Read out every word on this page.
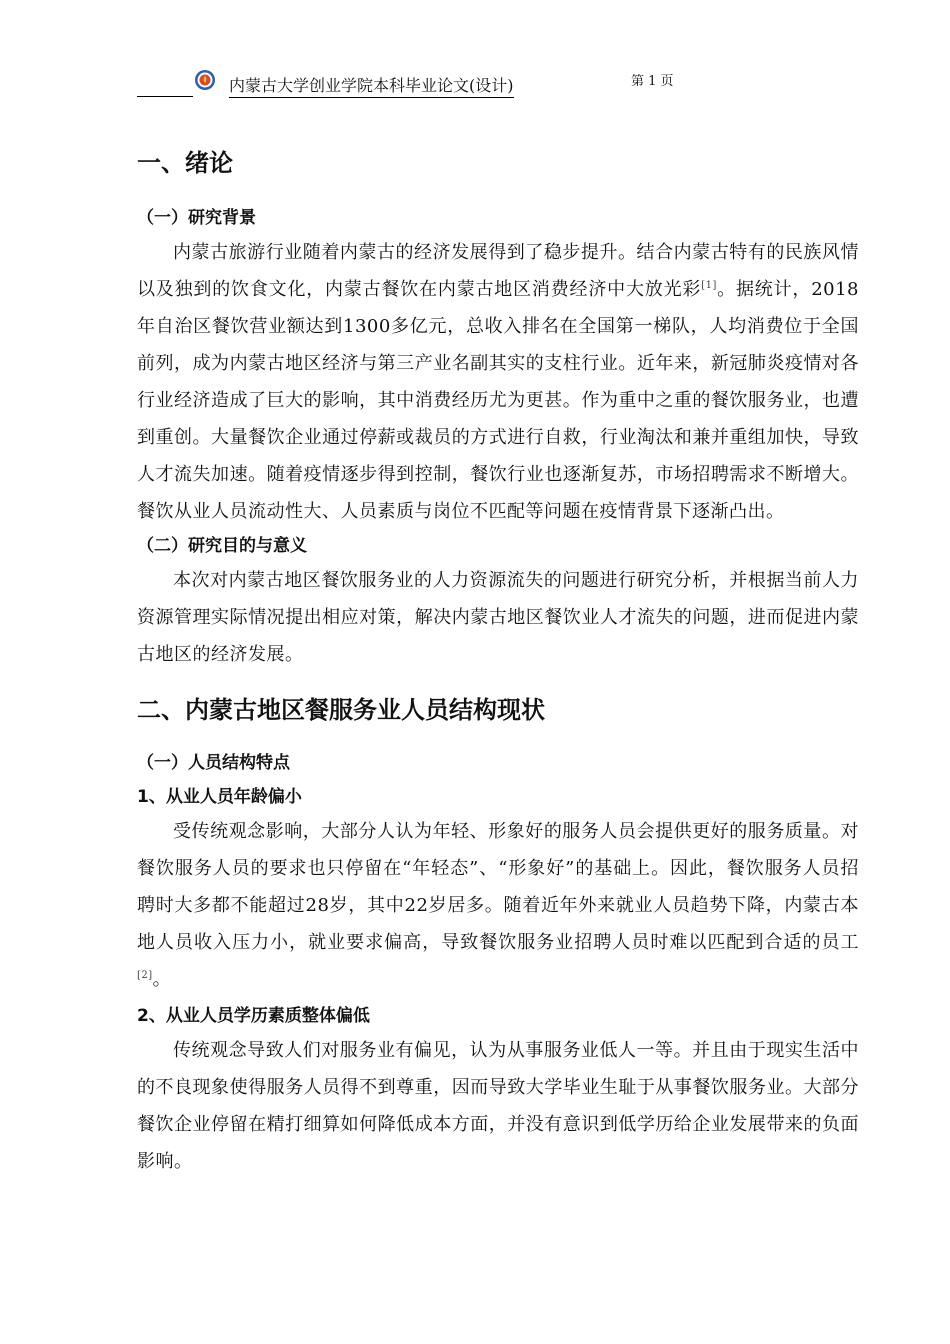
内蒙古大学创业学院本科毕业论文(设计)	第 1 页
一、绪论
（一）研究背景

内蒙古旅游行业随着内蒙古的经济发展得到了稳步提升。结合内蒙古特有的民族风情以及独到的饮食文化，内蒙古餐饮在内蒙古地区消费经济中大放光彩[1]。据统计，2018年自治区餐饮营业额达到1300多亿元，总收入排名在全国第一梯队，人均消费位于全国前列，成为内蒙古地区经济与第三产业名副其实的支柱行业。近年来，新冠肺炎疫情对各行业经济造成了巨大的影响，其中消费经历尤为更甚。作为重中之重的餐饮服务业，也遭到重创。大量餐饮企业通过停薪或裁员的方式进行自救，行业淘汰和兼并重组加快，导致人才流失加速。随着疫情逐步得到控制，餐饮行业也逐渐复苏，市场招聘需求不断增大。餐饮从业人员流动性大、人员素质与岗位不匹配等问题在疫情背景下逐渐凸出。

（二）研究目的与意义

本次对内蒙古地区餐饮服务业的人力资源流失的问题进行研究分析，并根据当前人力资源管理实际情况提出相应对策，解决内蒙古地区餐饮业人才流失的问题，进而促进内蒙古地区的经济发展。

二、内蒙古地区餐服务业人员结构现状
（一）人员结构特点
1、从业人员年龄偏小

受传统观念影响，大部分人认为年轻、形象好的服务人员会提供更好的服务质量。对餐饮服务人员的要求也只停留在“年轻态”、“形象好”的基础上。因此，餐饮服务人员招聘时大多都不能超过28岁，其中22岁居多。随着近年外来就业人员趋势下降，内蒙古本地人员收入压力小，就业要求偏高，导致餐饮服务业招聘人员时难以匹配到合适的员工[2]。

2、从业人员学历素质整体偏低

传统观念导致人们对服务业有偏见，认为从事服务业低人一等。并且由于现实生活中的不良现象使得服务人员得不到尊重，因而导致大学毕业生耻于从事餐饮服务业。大部分餐饮企业停留在精打细算如何降低成本方面，并没有意识到低学历给企业发展带来的负面影响。
